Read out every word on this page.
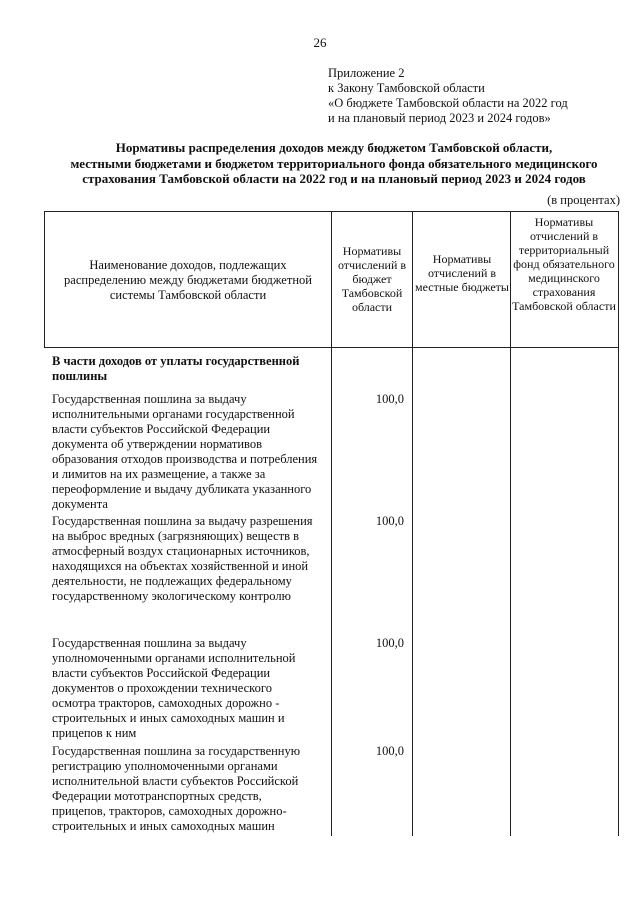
26
Приложение 2
к Закону Тамбовской области
«О бюджете Тамбовской области на 2022 год
и на плановый период 2023 и 2024 годов»
Нормативы распределения доходов между бюджетом Тамбовской области,
местными бюджетами и бюджетом территориального фонда обязательного медицинского
страхования Тамбовской области на 2022 год и на плановый период 2023 и 2024 годов
(в процентах)
Наименование доходов, подлежащих распределению между бюджетами бюджетной системы Тамбовской области
Нормативы отчислений в бюджет Тамбовской области
Нормативы отчислений в местные бюджеты
Нормативы отчислений в территориальный фонд обязательного медицинского страхования Тамбовской области
В части доходов от уплаты государственной пошлины
Государственная пошлина за выдачу исполнительными органами государственной власти субъектов Российской Федерации документа об утверждении нормативов образования отходов производства и потребления и лимитов на их размещение, а также за переоформление и выдачу дубликата указанного документа
100,0
Государственная пошлина за выдачу разрешения на выброс вредных (загрязняющих) веществ в атмосферный воздух стационарных источников, находящихся на объектах хозяйственной и иной деятельности, не подлежащих федеральному государственному экологическому контролю
100,0
Государственная пошлина за выдачу уполномоченными органами исполнительной власти субъектов Российской Федерации документов о прохождении технического осмотра тракторов, самоходных дорожно - строительных и иных самоходных машин и прицепов к ним
100,0
Государственная пошлина за государственную регистрацию уполномоченными органами исполнительной власти субъектов Российской Федерации мототранспортных средств, прицепов, тракторов, самоходных дорожно-строительных и иных самоходных машин
100,0
